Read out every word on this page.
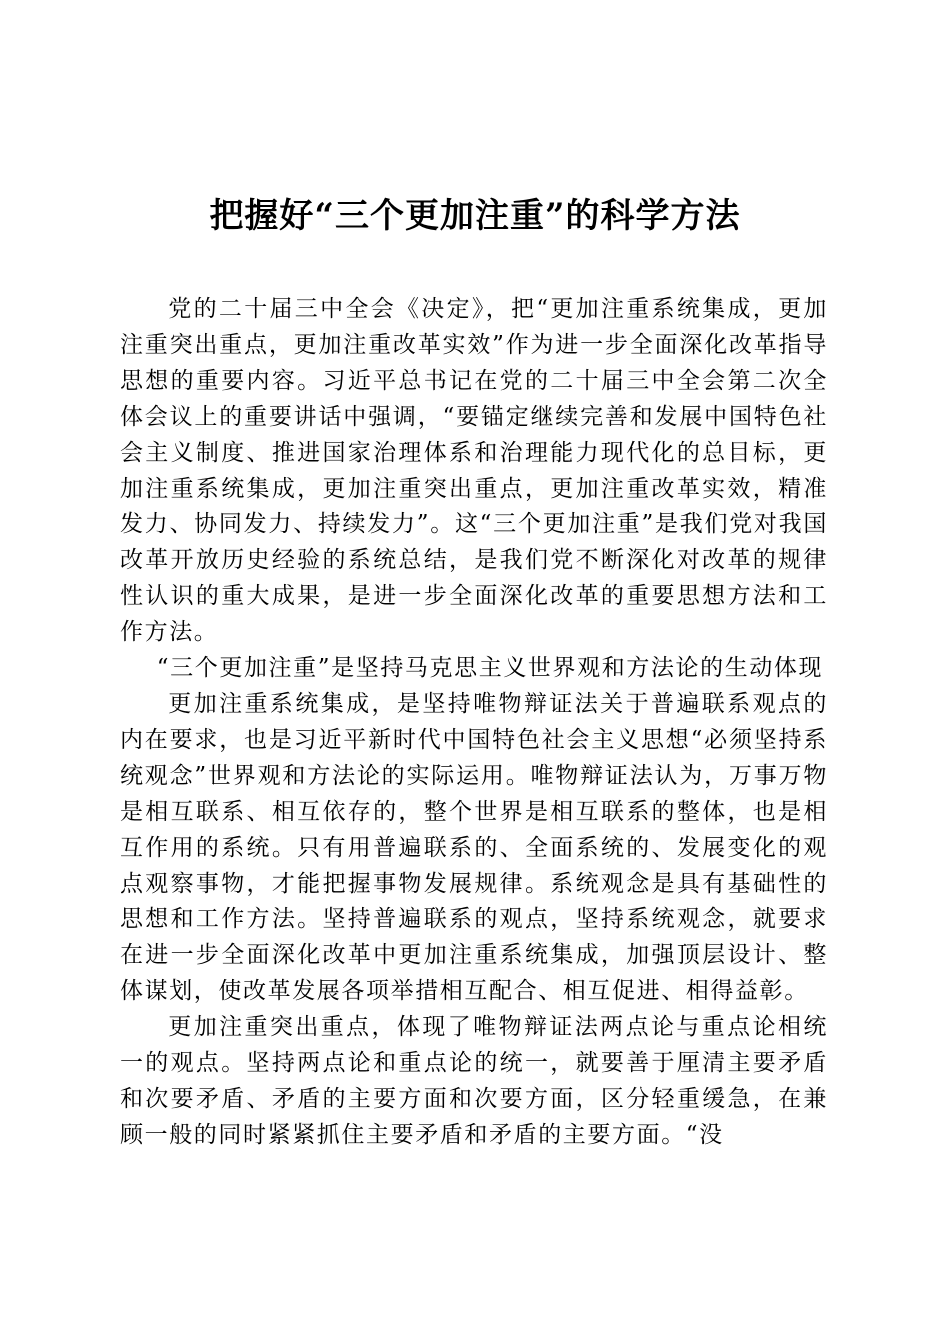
把握好“三个更加注重”的科学方法

党的二十届三中全会《决定》，把“更加注重系统集成，更加注重突出重点，更加注重改革实效”作为进一步全面深化改革指导思想的重要内容。习近平总书记在党的二十届三中全会第二次全体会议上的重要讲话中强调，“要锚定继续完善和发展中国特色社会主义制度、推进国家治理体系和治理能力现代化的总目标，更加注重系统集成，更加注重突出重点，更加注重改革实效，精准发力、协同发力、持续发力”。这“三个更加注重”是我们党对我国改革开放历史经验的系统总结，是我们党不断深化对改革的规律性认识的重大成果，是进一步全面深化改革的重要思想方法和工作方法。

“三个更加注重”是坚持马克思主义世界观和方法论的生动体现

更加注重系统集成，是坚持唯物辩证法关于普遍联系观点的内在要求，也是习近平新时代中国特色社会主义思想“必须坚持系统观念”世界观和方法论的实际运用。唯物辩证法认为，万事万物是相互联系、相互依存的，整个世界是相互联系的整体，也是相互作用的系统。只有用普遍联系的、全面系统的、发展变化的观点观察事物，才能把握事物发展规律。系统观念是具有基础性的思想和工作方法。坚持普遍联系的观点，坚持系统观念，就要求在进一步全面深化改革中更加注重系统集成，加强顶层设计、整体谋划，使改革发展各项举措相互配合、相互促进、相得益彰。

更加注重突出重点，体现了唯物辩证法两点论与重点论相统一的观点。坚持两点论和重点论的统一，就要善于厘清主要矛盾和次要矛盾、矛盾的主要方面和次要方面，区分轻重缓急，在兼顾一般的同时紧紧抓住主要矛盾和矛盾的主要方面。“没
